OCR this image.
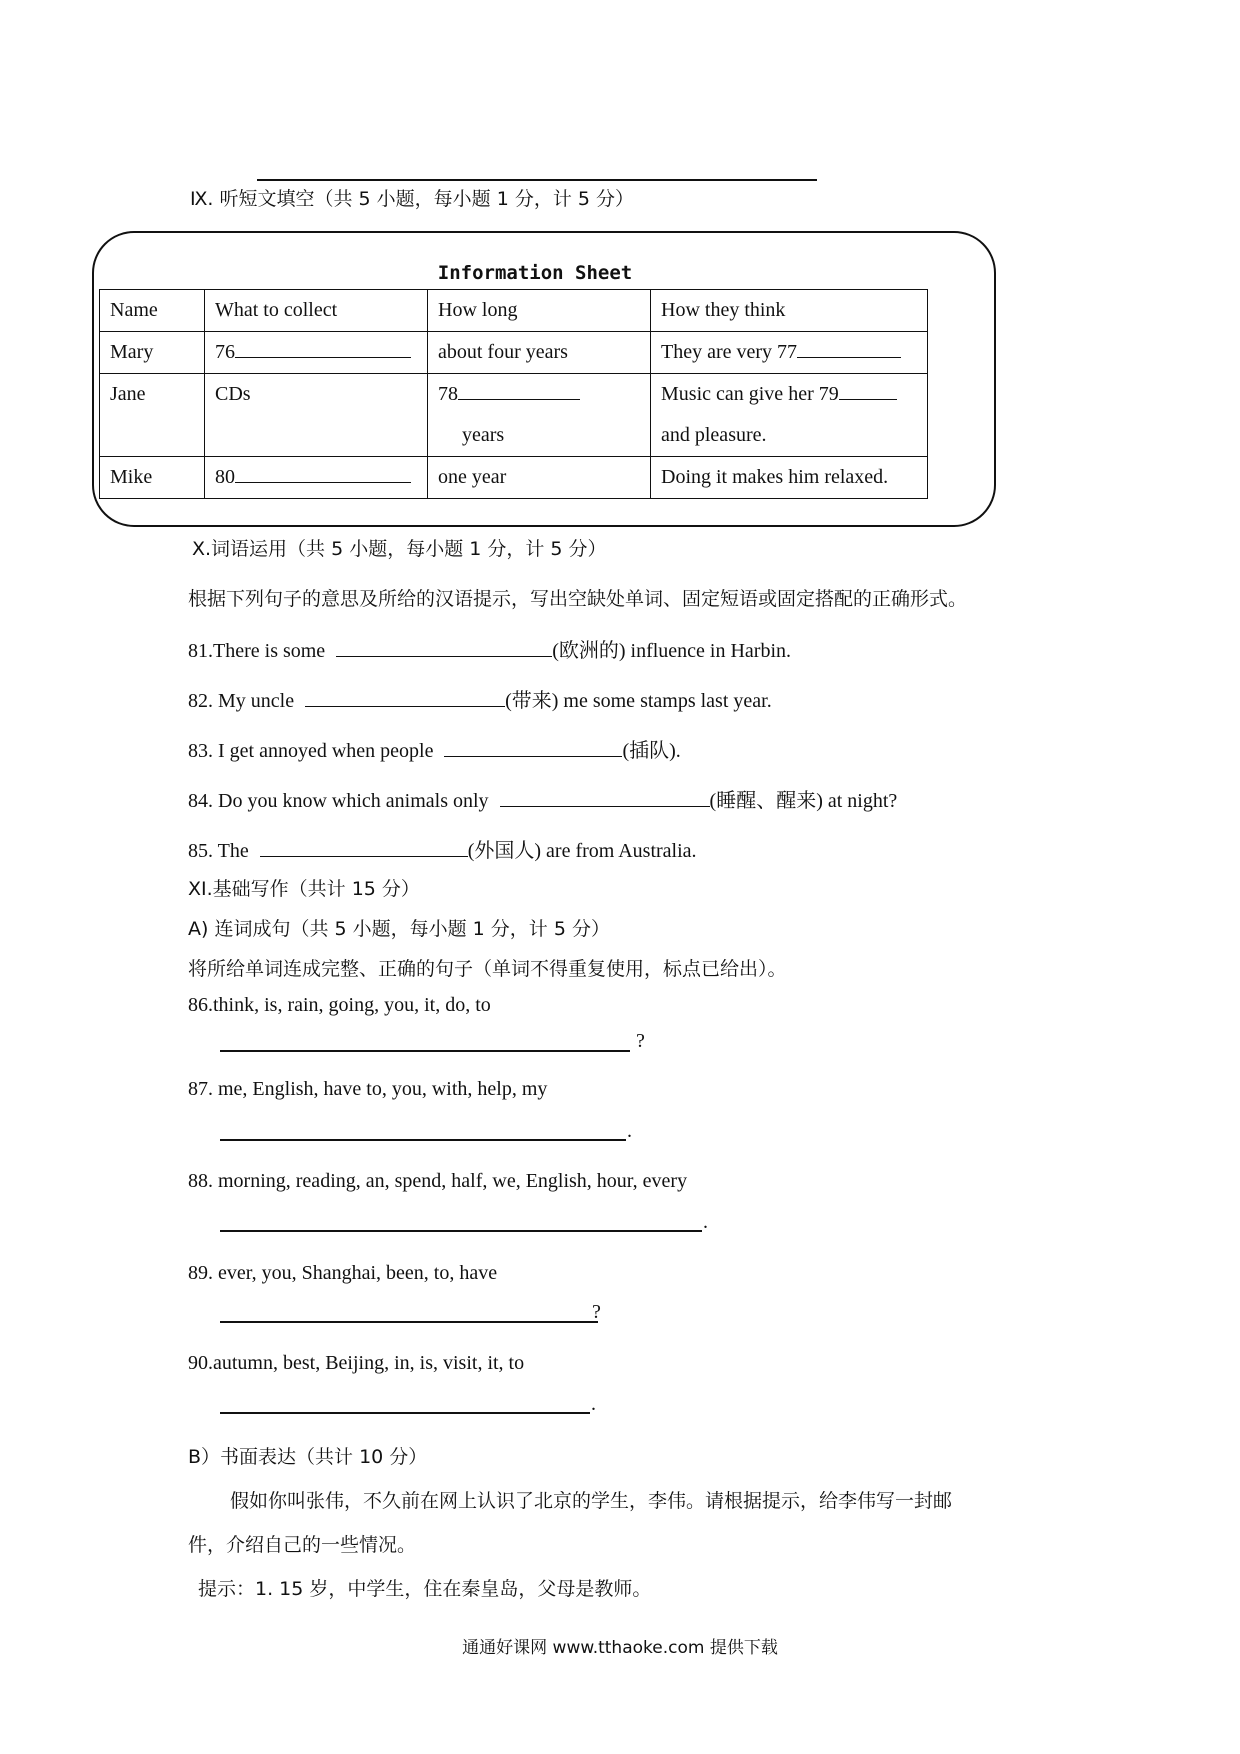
Ⅸ. 听短文填空（共 5 小题，每小题 1 分，计 5 分）
Information Sheet
Name	What to collect	How long	How they think
Mary	76	about four years	They are very 77
Jane	CDs	78years	Music can give her 79
and pleasure.
Mike	80	one year	Doing it makes him relaxed.
Ⅹ.词语运用（共 5 小题，每小题 1 分，计 5 分）
根据下列句子的意思及所给的汉语提示，写出空缺处单词、固定短语或固定搭配的正确形式。
81.There is some	(欧洲的) influence in Harbin.
82. My uncle	(带来) me some stamps last year.
83. I get annoyed when people	(插队).
84. Do you know which animals only	(睡醒、醒来) at night?
85. The	(外国人) are from Australia.
XI.基础写作（共计 15 分）
A) 连词成句（共 5 小题，每小题 1 分，计 5 分）
将所给单词连成完整、正确的句子（单词不得重复使用，标点已给出）。
86.think, is, rain, going, you, it, do, to
?
87. me, English, have to, you, with, help, my
.
88. morning, reading, an, spend, half, we, English, hour, every
.
89. ever, you, Shanghai, been, to, have
?
90.autumn, best, Beijing, in, is, visit, it, to
.
B）书面表达（共计 10 分）
假如你叫张伟，不久前在网上认识了北京的学生，李伟。请根据提示，给李伟写一封邮
件，介绍自己的一些情况。
提示：1. 15 岁，中学生，住在秦皇岛，父母是教师。
通通好课网 www.tthaoke.com 提供下载
